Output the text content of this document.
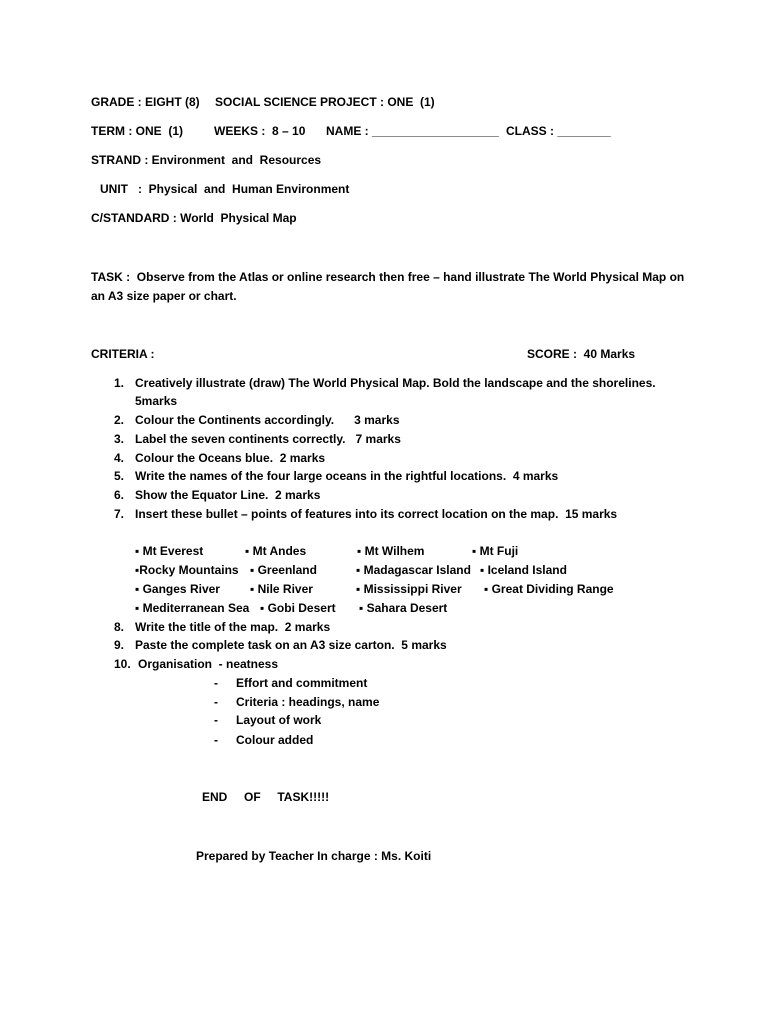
GRADE : EIGHT (8) SOCIAL SCIENCE PROJECT : ONE  (1)
TERM : ONE  (1)	WEEKS :  8 – 10 NAME : ___________________ CLASS : ________
STRAND : Environment  and  Resources
UNIT   :  Physical  and  Human Environment
C/STANDARD : World  Physical Map
TASK :  Observe from the Atlas or online research then free – hand illustrate The World Physical Map on
an A3 size paper or chart.
CRITERIA :	SCORE :  40 Marks
1. Creatively illustrate (draw) The World Physical Map. Bold the landscape and the shorelines.
5marks
2. Colour the Continents accordingly.      3 marks
3. Label the seven continents correctly.   7 marks
4. Colour the Oceans blue.  2 marks
5. Write the names of the four large oceans in the rightful locations.  4 marks
6. Show the Equator Line.  2 marks
7. Insert these bullet – points of features into its correct location on the map.  15 marks
▪ Mt Everest	▪ Mt Andes	▪ Mt Wilhem	▪ Mt Fuji
▪Rocky Mountains ▪ Greenland	▪ Madagascar Island ▪ Iceland Island
▪ Ganges River	▪ Nile River	▪ Mississippi River ▪ Great Dividing Range
▪ Mediterranean Sea ▪ Gobi Desert ▪ Sahara Desert
8. Write the title of the map.  2 marks
9. Paste the complete task on an A3 size carton.  5 marks
10. Organisation  - neatness
- Effort and commitment
- Criteria : headings, name
- Layout of work
- Colour added
END     OF     TASK!!!!!
Prepared by Teacher In charge : Ms. Koiti
